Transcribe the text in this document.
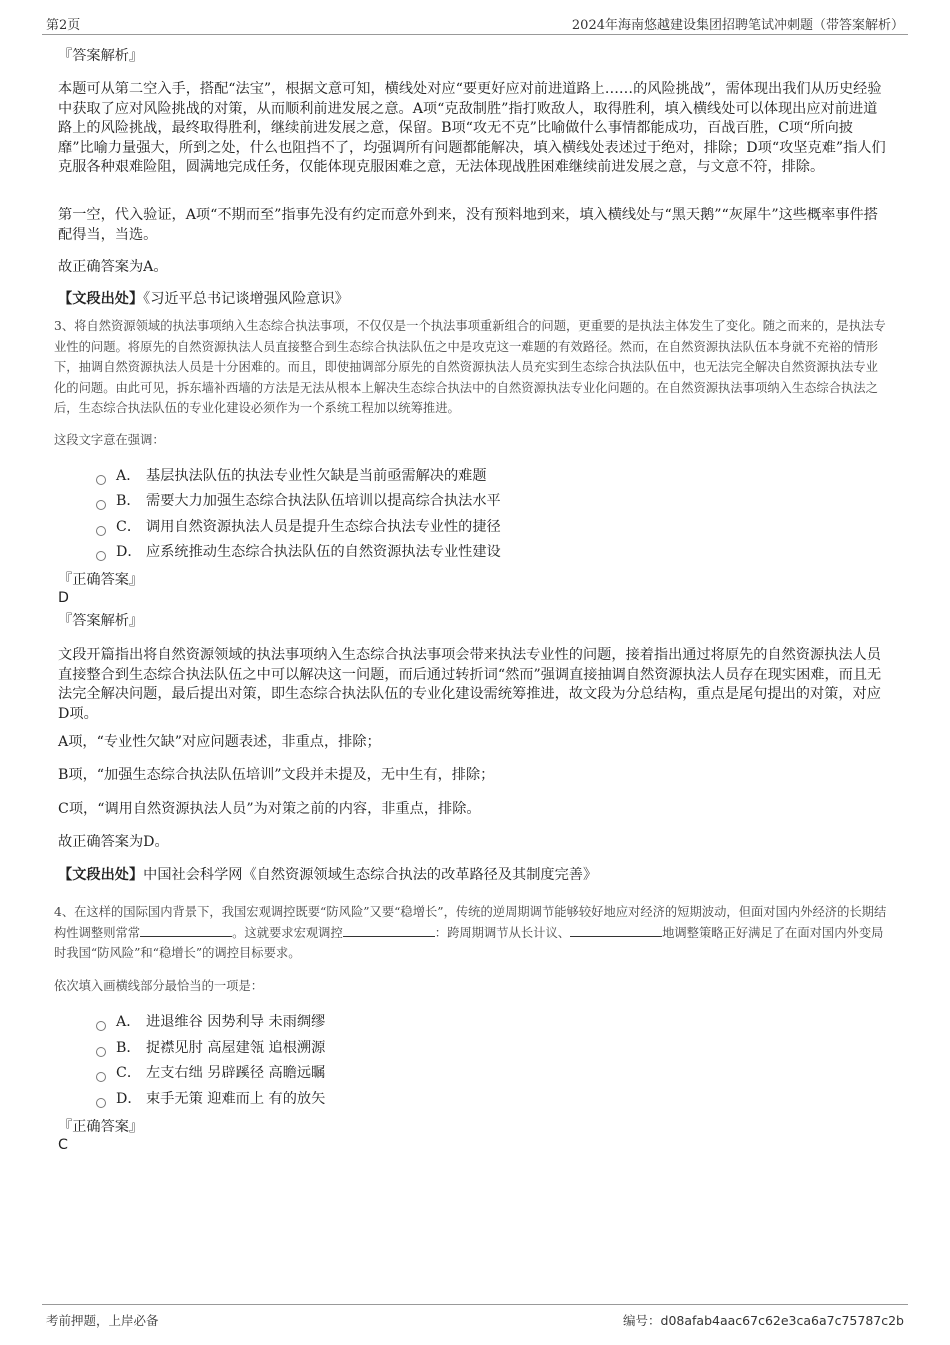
第2页	2024年海南悠越建设集团招聘笔试冲刺题（带答案解析）

『答案解析』

本题可从第二空入手，搭配“法宝”，根据文意可知，横线处对应“要更好应对前进道路上……的风险挑战”，需体现出我们从历史经验中获取了应对风险挑战的对策，从而顺利前进发展之意。A项“克敌制胜”指打败敌人，取得胜利，填入横线处可以体现出应对前进道路上的风险挑战，最终取得胜利，继续前进发展之意，保留。B项“攻无不克”比喻做什么事情都能成功，百战百胜，C项“所向披靡”比喻力量强大，所到之处，什么也阻挡不了，均强调所有问题都能解决，填入横线处表述过于绝对，排除；D项“攻坚克难”指人们克服各种艰难险阻，圆满地完成任务，仅能体现克服困难之意，无法体现战胜困难继续前进发展之意，与文意不符，排除。

第一空，代入验证，A项“不期而至”指事先没有约定而意外到来，没有预料地到来，填入横线处与“黑天鹅”“灰犀牛”这些概率事件搭配得当，当选。

故正确答案为A。

【文段出处】《习近平总书记谈增强风险意识》

3、将自然资源领域的执法事项纳入生态综合执法事项，不仅仅是一个执法事项重新组合的问题，更重要的是执法主体发生了变化。随之而来的，是执法专业性的问题。将原先的自然资源执法人员直接整合到生态综合执法队伍之中是攻克这一难题的有效路径。然而，在自然资源执法队伍本身就不充裕的情形下，抽调自然资源执法人员是十分困难的。而且，即使抽调部分原先的自然资源执法人员充实到生态综合执法队伍中，也无法完全解决自然资源执法专业化的问题。由此可见，拆东墙补西墙的方法是无法从根本上解决生态综合执法中的自然资源执法专业化问题的。在自然资源执法事项纳入生态综合执法之后，生态综合执法队伍的专业化建设必须作为一个系统工程加以统筹推进。

这段文字意在强调：

A． 基层执法队伍的执法专业性欠缺是当前亟需解决的难题
B． 需要大力加强生态综合执法队伍培训以提高综合执法水平
C． 调用自然资源执法人员是提升生态综合执法专业性的捷径
D． 应系统推动生态综合执法队伍的自然资源执法专业性建设

『正确答案』

D

『答案解析』

文段开篇指出将自然资源领域的执法事项纳入生态综合执法事项会带来执法专业性的问题，接着指出通过将原先的自然资源执法人员直接整合到生态综合执法队伍之中可以解决这一问题，而后通过转折词“然而”强调直接抽调自然资源执法人员存在现实困难，而且无法完全解决问题，最后提出对策，即生态综合执法队伍的专业化建设需统筹推进，故文段为分总结构，重点是尾句提出的对策，对应D项。

A项，“专业性欠缺”对应问题表述，非重点，排除；

B项，“加强生态综合执法队伍培训”文段并未提及，无中生有，排除；

C项，“调用自然资源执法人员”为对策之前的内容，非重点，排除。

故正确答案为D。

【文段出处】中国社会科学网《自然资源领域生态综合执法的改革路径及其制度完善》

4、在这样的国际国内背景下，我国宏观调控既要“防风险”又要“稳增长”，传统的逆周期调节能够较好地应对经济的短期波动，但面对国内外经济的长期结构性调整则常常	。这就要求宏观调控	：跨周期调节从长计议、	地调整策略正好满足了在面对国内外变局时我国“防风险”和“稳增长”的调控目标要求。

依次填入画横线部分最恰当的一项是：

A． 进退维谷 因势利导 未雨绸缪
B． 捉襟见肘 高屋建瓴 追根溯源
C． 左支右绌 另辟蹊径 高瞻远瞩
D． 束手无策 迎难而上 有的放矢

『正确答案』

C

考前押题，上岸必备	编号：d08afab4aac67c62e3ca6a7c75787c2b
